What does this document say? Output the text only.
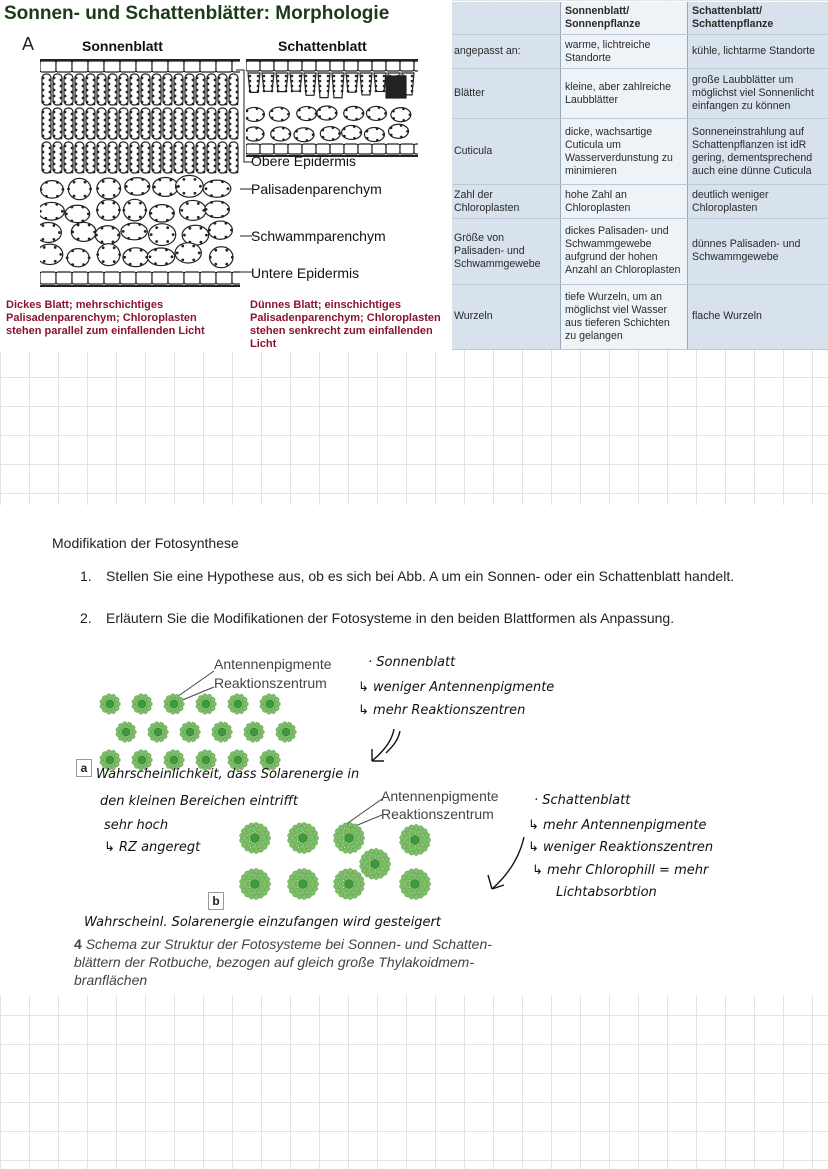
Sonnen- und Schattenblätter: Morphologie
A	Sonnenblatt	Schattenblatt
Obere Epidermis
Palisadenparenchym
Schwammparenchym
Untere Epidermis
Dickes Blatt; mehrschichtiges
Palisadenparenchym; Chloroplasten
stehen parallel zum einfallenden Licht
Dünnes Blatt; einschichtiges
Palisadenparenchym; Chloroplasten
stehen senkrecht zum einfallenden
Licht
	Sonnenblatt/ Sonnenpflanze	Schattenblatt/ Schattenpflanze
angepasst an:	warme, lichtreiche Standorte	kühle, lichtarme Standorte
Blätter	kleine, aber zahlreiche Laubblätter	große Laubblätter um möglichst viel Sonnenlicht einfangen zu können
Cuticula	dicke, wachsartige Cuticula um Wasserverdunstung zu minimieren	Sonneneinstrahlung auf Schattenpflanzen ist idR gering, dementsprechend auch eine dünne Cuticula
Zahl der Chloroplasten	hohe Zahl an Chloroplasten	deutlich weniger Chloroplasten
Größe von Palisaden- und Schwammgewebe	dickes Palisaden- und Schwammgewebe aufgrund der hohen Anzahl an Chloroplasten	dünnes Palisaden- und Schwammgewebe
Wurzeln	tiefe Wurzeln, um an möglichst viel Wasser aus tieferen Schichten zu gelangen	flache Wurzeln
Modifikation der Fotosynthese
1. Stellen Sie eine Hypothese aus, ob es sich bei Abb. A um ein Sonnen- oder ein Schattenblatt handelt.
2. Erläutern Sie die Modifikationen der Fotosysteme in den beiden Blattformen als Anpassung.
Antennenpigmente
Reaktionszentrum
a
Antennenpigmente
Reaktionszentrum
b
4 Schema zur Struktur der Fotosysteme bei Sonnen- und Schatten-blättern der Rotbuche, bezogen auf gleich große Thylakoidmem-branflächen
· Sonnenblatt
↳ weniger Antennenpigmente
↳ mehr Reaktionszentren
Wahrscheinlichkeit, dass Solarenergie in
den kleinen Bereichen eintrifft
sehr hoch
↳ RZ angeregt
· Schattenblatt
↳ mehr Antennenpigmente
↳ weniger Reaktionszentren
↳ mehr Chlorophill = mehr
Lichtabsorbtion
Wahrscheinl. Solarenergie einzufangen wird gesteigert
